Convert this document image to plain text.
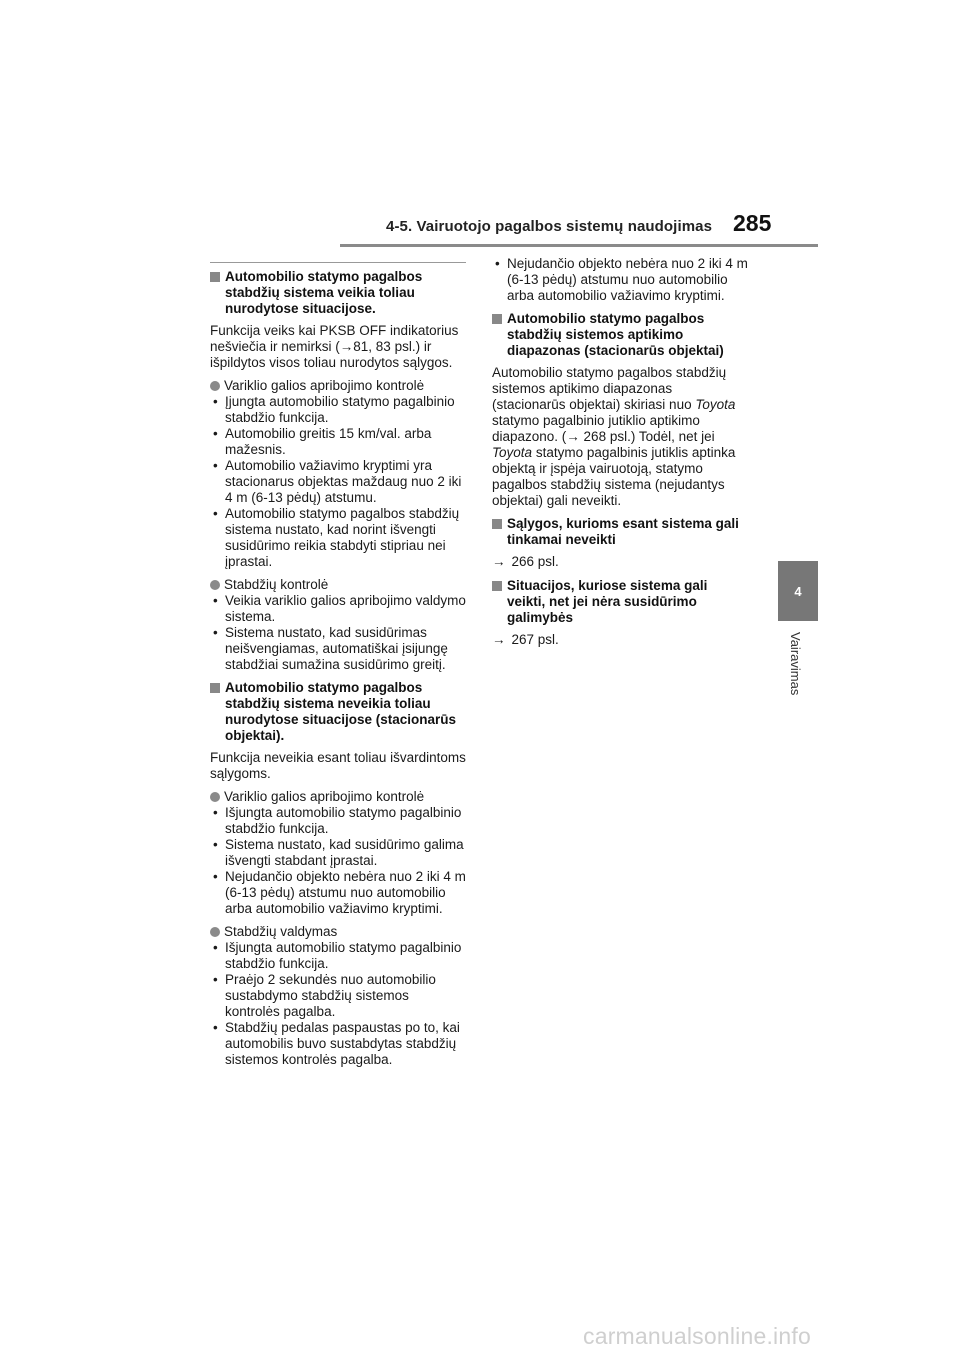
4-5. Vairuotojo pagalbos sistemų naudojimas 285
4
Vairavimas
Automobilio statymo pagalbos stabdžių sistema veikia toliau nurodytose situacijose.

Funkcija veiks kai PKSB OFF indikatorius nešviečia ir nemirksi (→81, 83 psl.) ir išpildytos visos toliau nurodytos sąlygos.

Variklio galios apribojimo kontrolė
• Įjungta automobilio statymo pagalbinio stabdžio funkcija.
• Automobilio greitis 15 km/val. arba mažesnis.
• Automobilio važiavimo kryptimi yra stacionarus objektas maždaug nuo 2 iki 4 m (6-13 pėdų) atstumu.
• Automobilio statymo pagalbos stabdžių sistema nustato, kad norint išvengti susidūrimo reikia stabdyti stipriau nei įprastai.
Stabdžių kontrolė
• Veikia variklio galios apribojimo valdymo sistema.
• Sistema nustato, kad susidūrimas neišvengiamas, automatiškai įsijungę stabdžiai sumažina susidūrimo greitį.
Automobilio statymo pagalbos stabdžių sistema neveikia toliau nurodytose situacijose (stacionarūs objektai).

Funkcija neveikia esant toliau išvardintoms sąlygoms.

Variklio galios apribojimo kontrolė
• Išjungta automobilio statymo pagalbinio stabdžio funkcija.
• Sistema nustato, kad susidūrimo galima išvengti stabdant įprastai.
• Nejudančio objekto nebėra nuo 2 iki 4 m (6-13 pėdų) atstumu nuo automobilio arba automobilio važiavimo kryptimi.
Stabdžių valdymas
• Išjungta automobilio statymo pagalbinio stabdžio funkcija.
• Praėjo 2 sekundės nuo automobilio sustabdymo stabdžių sistemos kontrolės pagalba.
• Stabdžių pedalas paspaustas po to, kai automobilis buvo sustabdytas stabdžių sistemos kontrolės pagalba.
• Nejudančio objekto nebėra nuo 2 iki 4 m (6-13 pėdų) atstumu nuo automobilio arba automobilio važiavimo kryptimi.
Automobilio statymo pagalbos stabdžių sistemos aptikimo diapazonas (stacionarūs objektai)

Automobilio statymo pagalbos stabdžių sistemos aptikimo diapazonas (stacionarūs objektai) skiriasi nuo Toyota statymo pagalbinio jutiklio aptikimo diapazono. (→ 268 psl.) Todėl, net jei Toyota statymo pagalbinis jutiklis aptinka objektą ir įspėja vairuotoją, statymo pagalbos stabdžių sistema (nejudantys objektai) gali neveikti.

Sąlygos, kurioms esant sistema gali tinkamai neveikti

→ 266 psl.

Situacijos, kuriose sistema gali veikti, net jei nėra susidūrimo galimybės

→ 267 psl.

carmanualsonline.info
